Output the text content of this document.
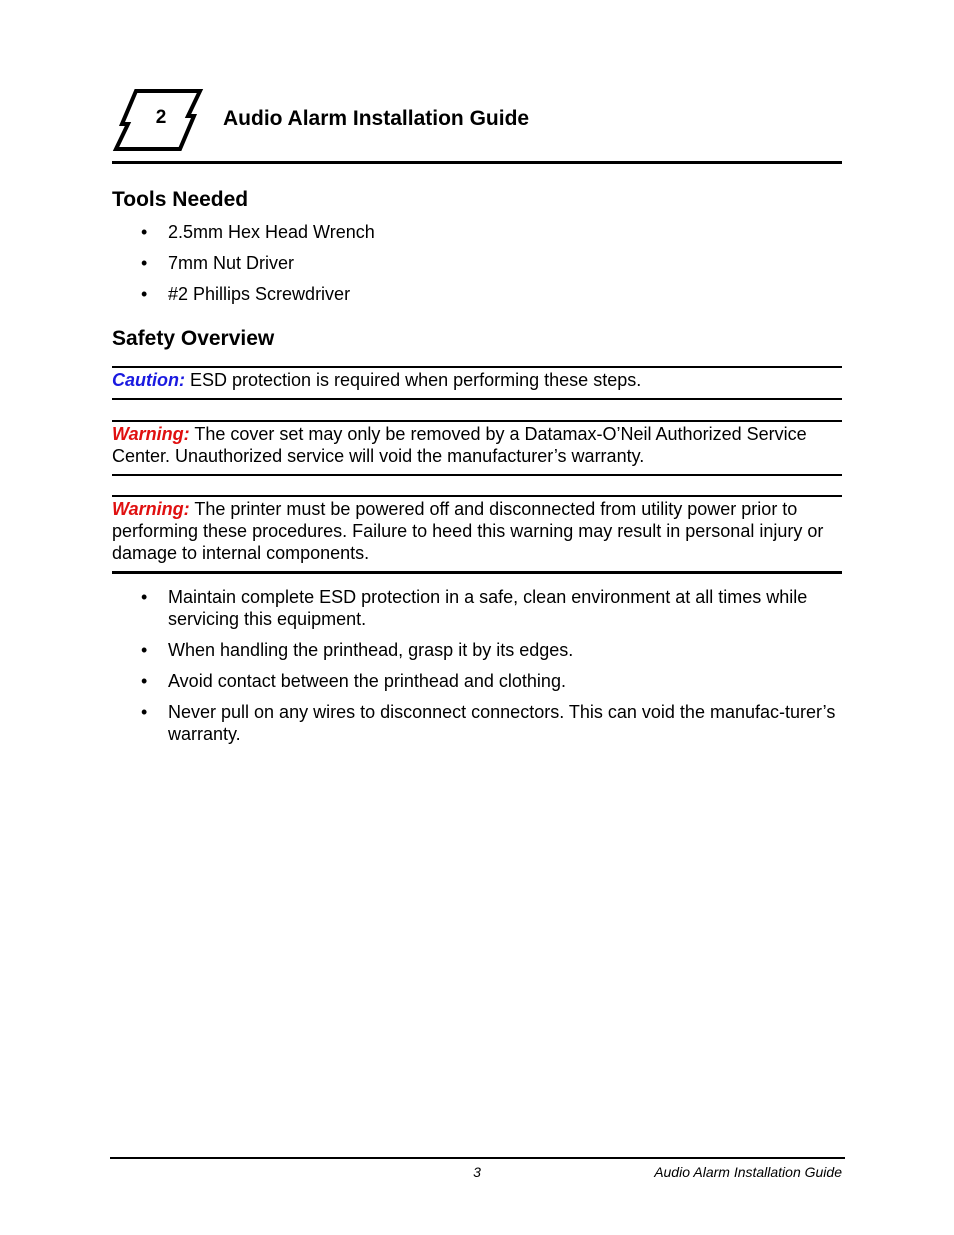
2	Audio Alarm Installation Guide
Tools Needed
• 2.5mm Hex Head Wrench
• 7mm Nut Driver
• #2 Phillips Screwdriver
Safety Overview

Caution: ESD protection is required when performing these steps.

Warning: The cover set may only be removed by a Datamax-O’Neil Authorized Service Center. Unauthorized service will void the manufacturer’s warranty.

Warning: The printer must be powered off and disconnected from utility power prior to performing these procedures. Failure to heed this warning may result in personal injury or damage to internal components.

• Maintain complete ESD protection in a safe, clean environment at all times while servicing this equipment.
• When handling the printhead, grasp it by its edges.
• Avoid contact between the printhead and clothing.
• Never pull on any wires to disconnect connectors. This can void the manufac-turer’s warranty.
3	Audio Alarm Installation Guide
